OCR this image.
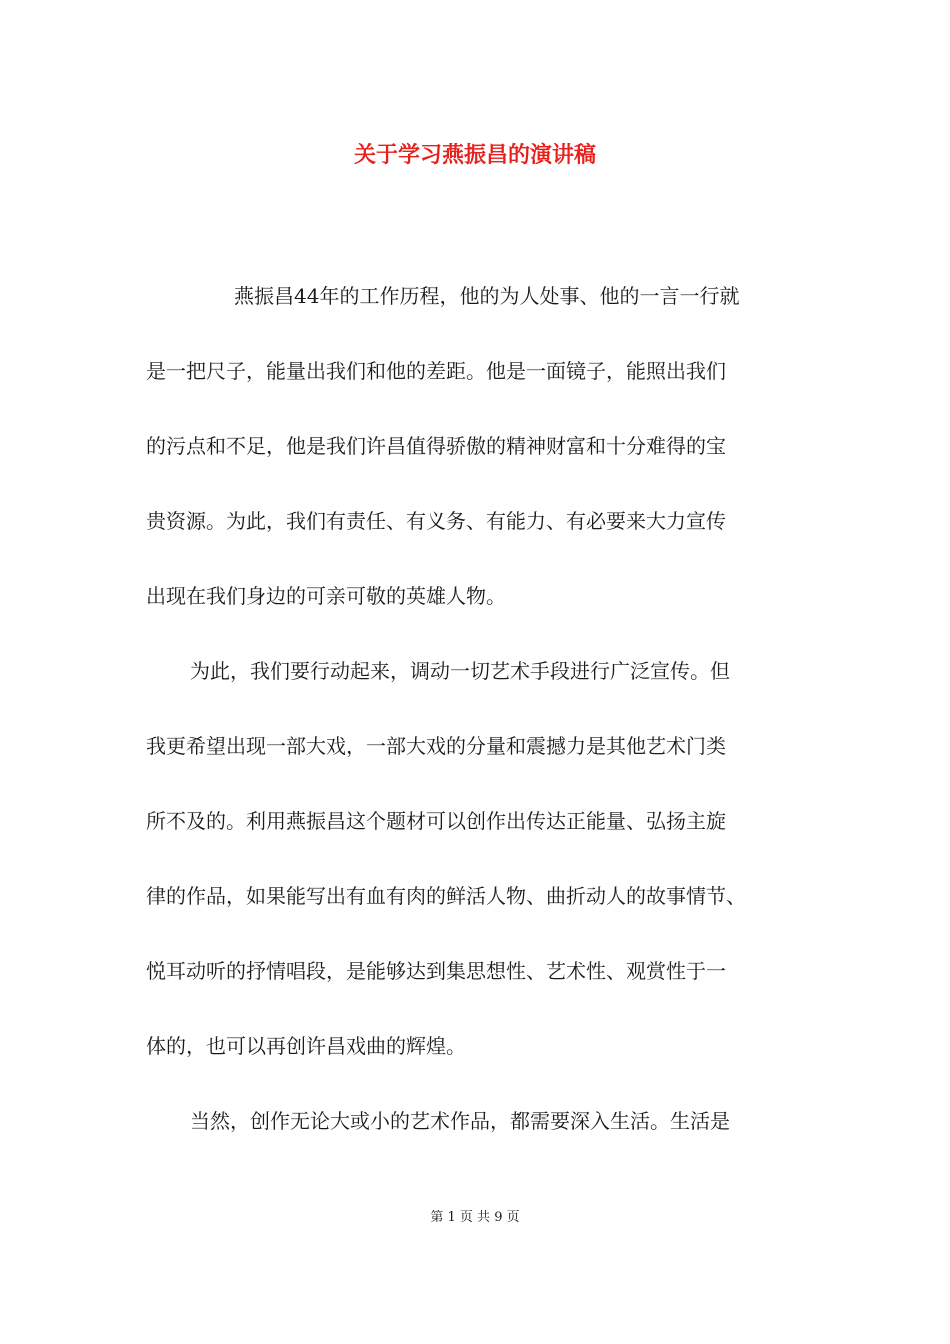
关于学习燕振昌的演讲稿
燕振昌44年的工作历程，他的为人处事、他的一言一行就
是一把尺子，能量出我们和他的差距。他是一面镜子，能照出我们
的污点和不足，他是我们许昌值得骄傲的精神财富和十分难得的宝
贵资源。为此，我们有责任、有义务、有能力、有必要来大力宣传
出现在我们身边的可亲可敬的英雄人物。
为此，我们要行动起来，调动一切艺术手段进行广泛宣传。但
我更希望出现一部大戏，一部大戏的分量和震撼力是其他艺术门类
所不及的。利用燕振昌这个题材可以创作出传达正能量、弘扬主旋
律的作品，如果能写出有血有肉的鲜活人物、曲折动人的故事情节、
悦耳动听的抒情唱段，是能够达到集思想性、艺术性、观赏性于一
体的，也可以再创许昌戏曲的辉煌。
当然，创作无论大或小的艺术作品，都需要深入生活。生活是
第 1 页 共 9 页
